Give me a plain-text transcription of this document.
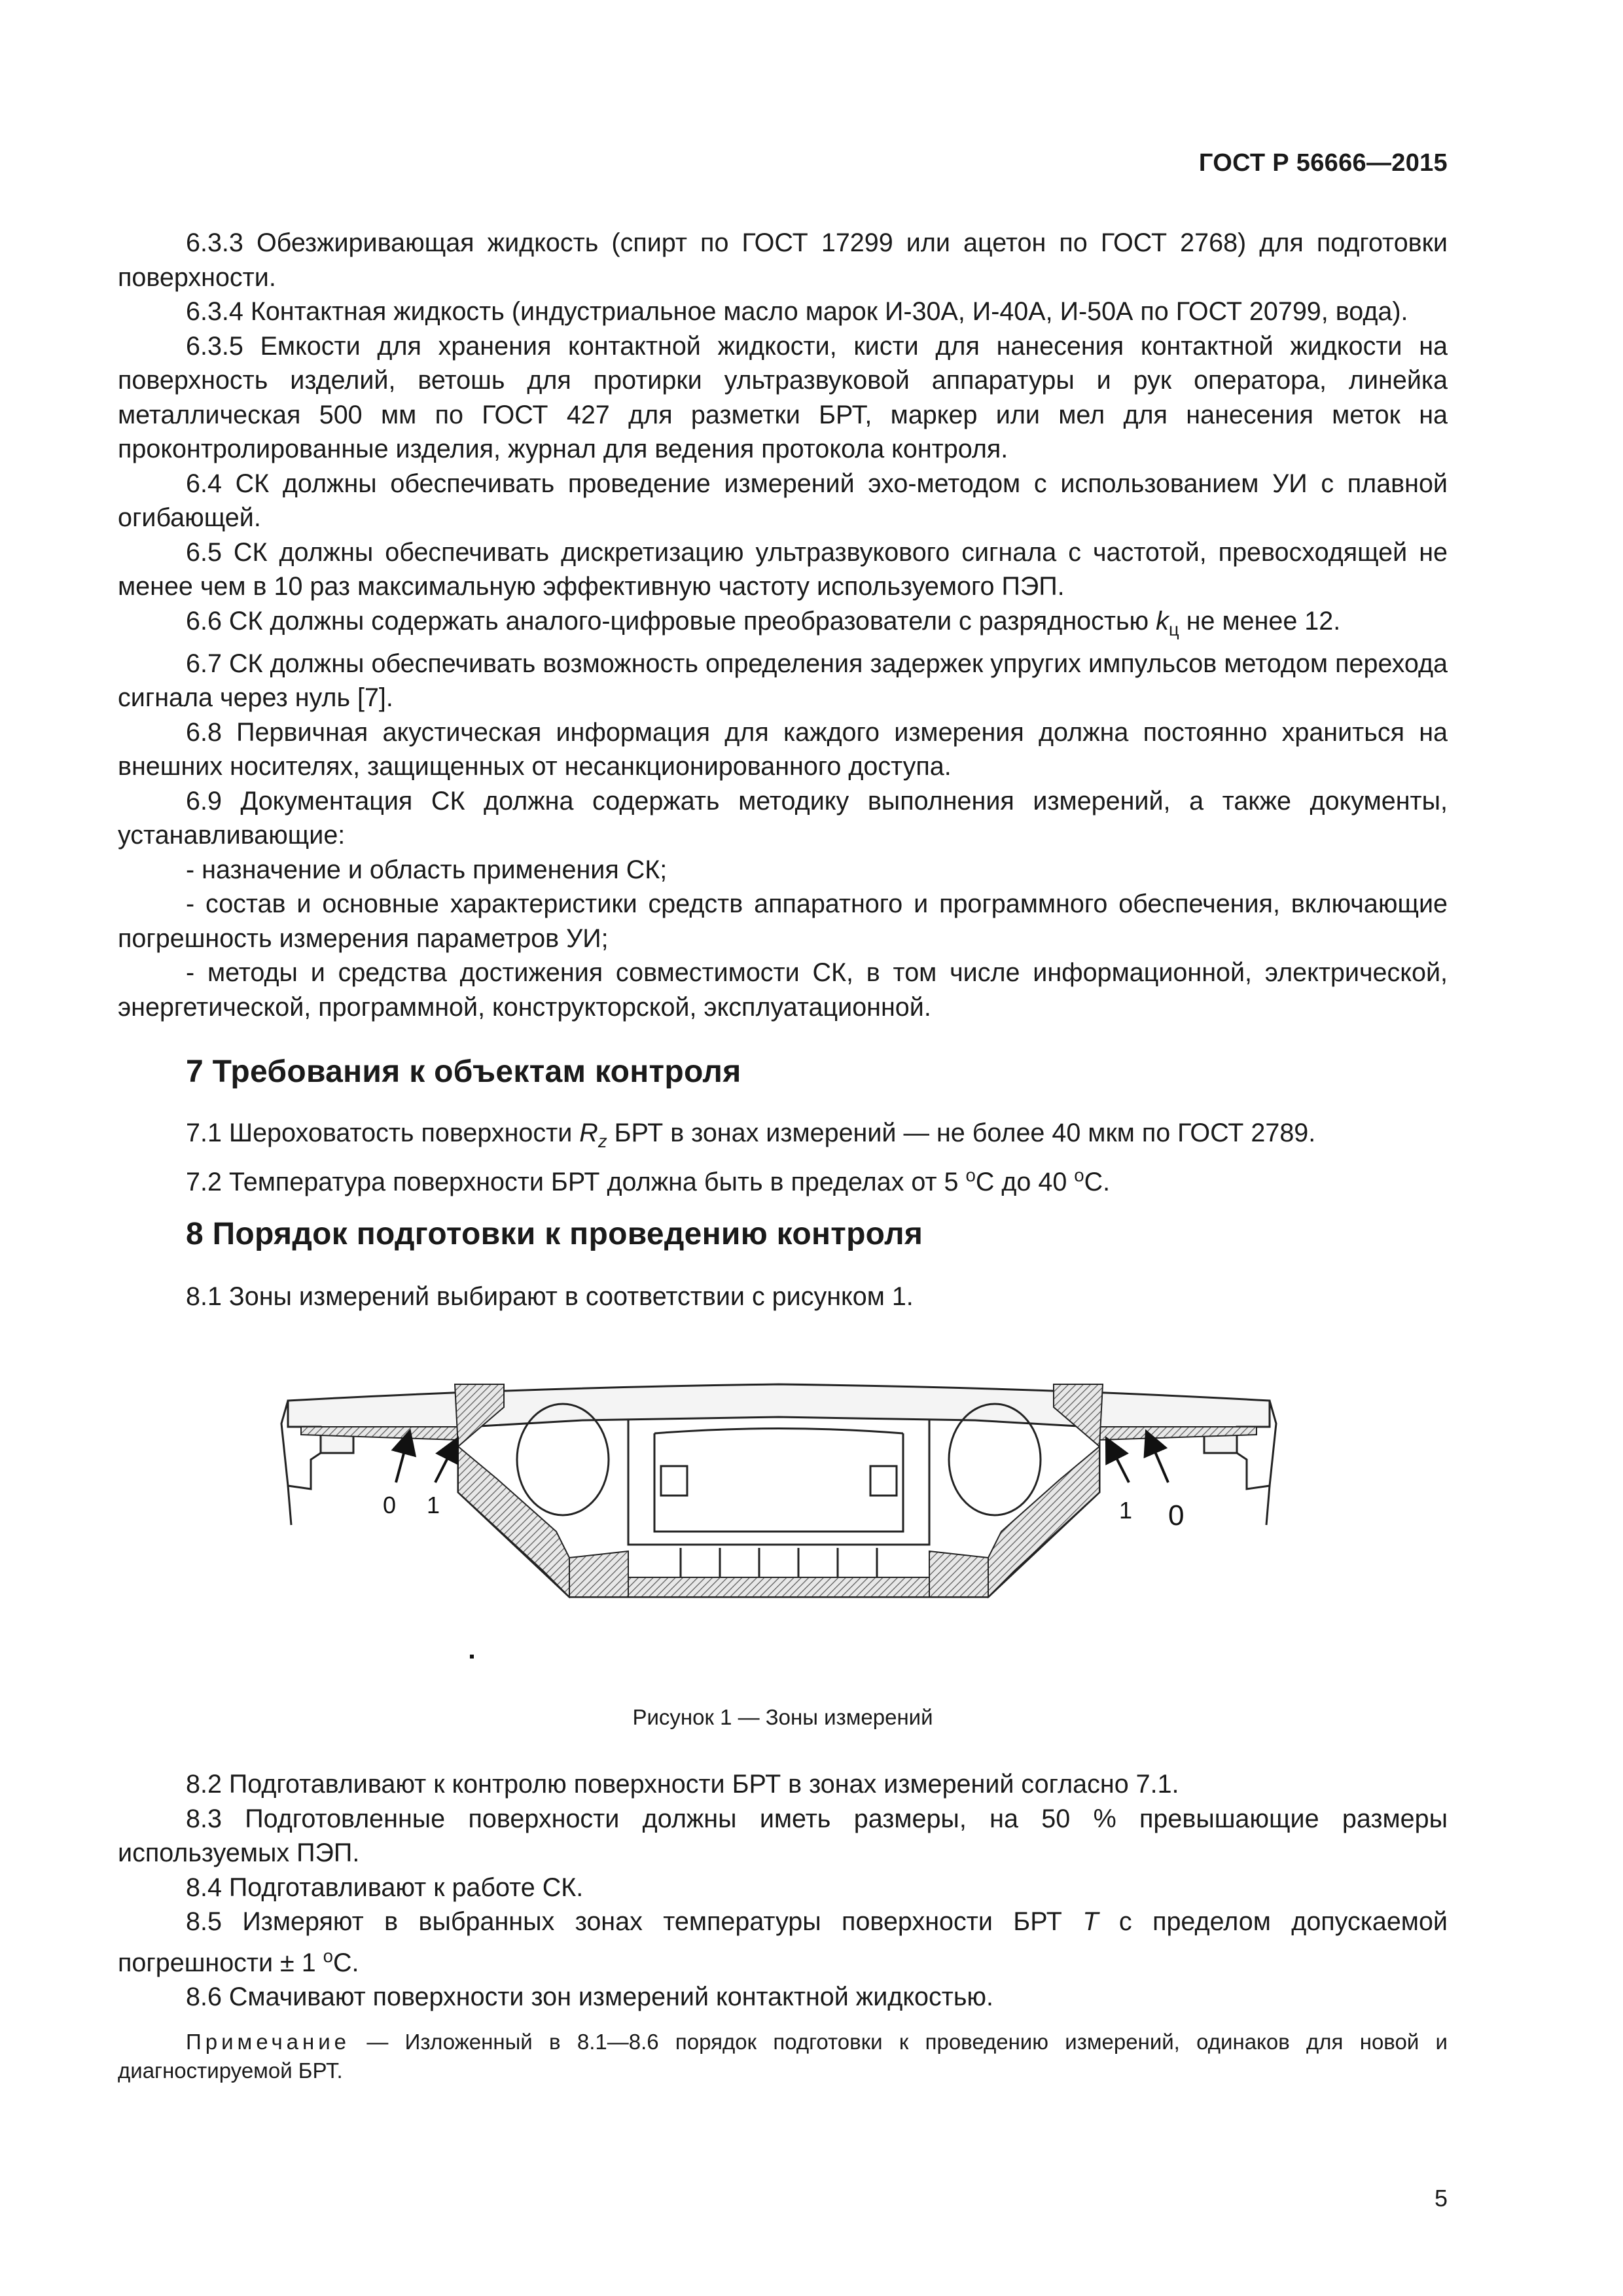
ГОСТ Р 56666—2015

6.3.3 Обезжиривающая жидкость (спирт по ГОСТ 17299 или ацетон по ГОСТ 2768) для подготовки поверхности.

6.3.4 Контактная жидкость (индустриальное масло марок И-30А, И-40А, И-50А по ГОСТ 20799, вода).

6.3.5 Емкости для хранения контактной жидкости, кисти для нанесения контактной жидкости на поверхность изделий, ветошь для протирки ультразвуковой аппаратуры и рук оператора, линейка металлическая 500 мм по ГОСТ 427 для разметки БРТ, маркер или мел для нанесения меток на проконтролированные изделия, журнал для ведения протокола контроля.

6.4 СК должны обеспечивать проведение измерений эхо-методом с использованием УИ с плавной огибающей.

6.5 СК должны обеспечивать дискретизацию ультразвукового сигнала с частотой, превосходящей не менее чем в 10 раз максимальную эффективную частоту используемого ПЭП.

6.6 СК должны содержать аналого-цифровые преобразователи с разрядностью $k_ц$ не менее 12.

6.7 СК должны обеспечивать возможность определения задержек упругих импульсов методом перехода сигнала через нуль [7].

6.8 Первичная акустическая информация для каждого измерения должна постоянно храниться на внешних носителях, защищенных от несанкционированного доступа.

6.9 Документация СК должна содержать методику выполнения измерений, а также документы, устанавливающие:

- назначение и область применения СК;

- состав и основные характеристики средств аппаратного и программного обеспечения, включающие погрешность измерения параметров УИ;

- методы и средства достижения совместимости СК, в том числе информационной, электрической, энергетической, программной, конструкторской, эксплуатационной.

7 Требования к объектам контроля

7.1 Шероховатость поверхности $R_z$ БРТ в зонах измерений — не более 40 мкм по ГОСТ 2789.

7.2 Температура поверхности БРТ должна быть в пределах от 5 $^о$С до 40 $^о$С.

8 Порядок подготовки к проведению контроля

8.1 Зоны измерений выбирают в соответствии с рисунком 1.

0 1	1 0
Рисунок 1 — Зоны измерений

8.2 Подготавливают к контролю поверхности БРТ в зонах измерений согласно 7.1.

8.3 Подготовленные поверхности должны иметь размеры, на 50 % превышающие размеры используемых ПЭП.

8.4 Подготавливают к работе СК.

8.5 Измеряют в выбранных зонах температуры поверхности БРТ T с пределом допускаемой погрешности ± 1 $^о$С.

8.6 Смачивают поверхности зон измерений контактной жидкостью.

Примечание — Изложенный в 8.1—8.6 порядок подготовки к проведению измерений, одинаков для новой и диагностируемой БРТ.
5
